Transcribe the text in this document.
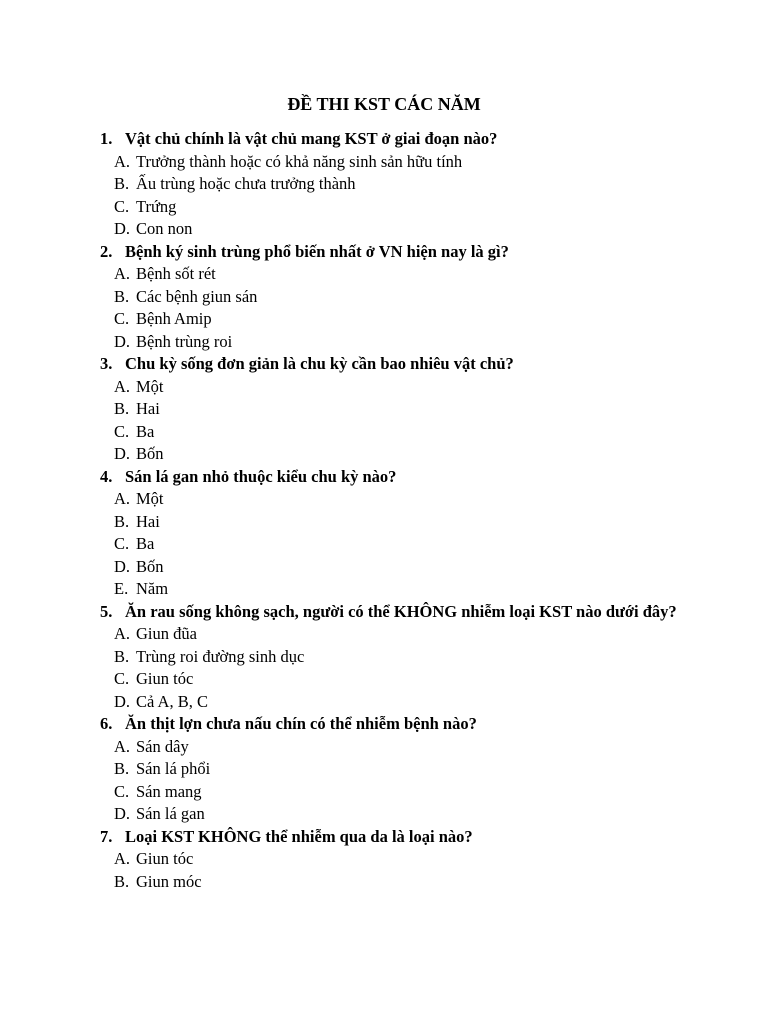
ĐỀ THI KST CÁC NĂM
1. Vật chủ chính là vật chủ mang KST ở giai đoạn nào?
A. Trưởng thành hoặc có khả năng sinh sản hữu tính
B. Ấu trùng hoặc chưa trưởng thành
C. Trứng
D. Con non
2. Bệnh ký sinh trùng phổ biến nhất ở VN hiện nay là gì?
A. Bệnh sốt rét
B. Các bệnh giun sán
C. Bệnh Amip
D. Bệnh trùng roi
3. Chu kỳ sống đơn giản là chu kỳ cần bao nhiêu vật chủ?
A. Một
B. Hai
C. Ba
D. Bốn
4. Sán lá gan nhỏ thuộc kiểu chu kỳ nào?
A. Một
B. Hai
C. Ba
D. Bốn
E. Năm
5. Ăn rau sống không sạch, người có thể KHÔNG nhiễm loại KST nào dưới đây?
A. Giun đũa
B. Trùng roi đường sinh dục
C. Giun tóc
D. Cả A, B, C
6. Ăn thịt lợn chưa nấu chín có thể nhiễm bệnh nào?
A. Sán dây
B. Sán lá phổi
C. Sán mang
D. Sán lá gan
7. Loại KST KHÔNG thể nhiễm qua da là loại nào?
A. Giun tóc
B. Giun móc
